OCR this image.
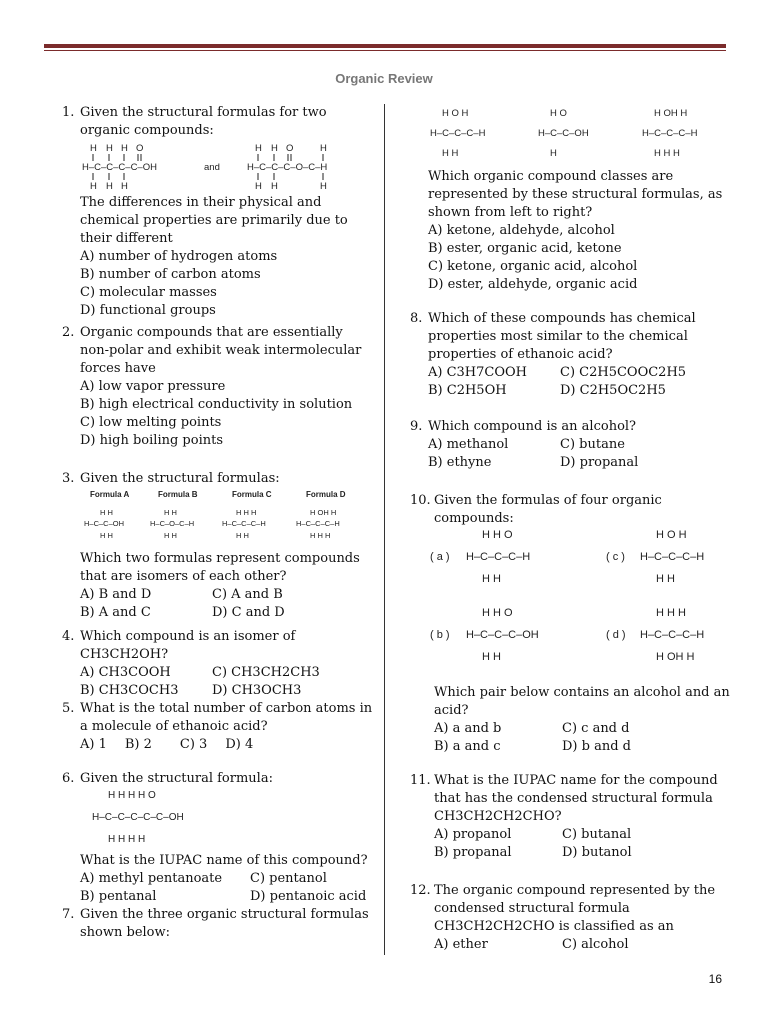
Organic Review
1. Given the structural formulas for two organic compounds:
H H H O
H–C–C–C–C–OH
H H H
and
H H O	H
H–C–C–C–O–C–H
H H	H
The differences in their physical and chemical properties are primarily due to their different
A) number of hydrogen atoms
B) number of carbon atoms
C) molecular masses
D) functional groups
2. Organic compounds that are essentially non-polar and exhibit weak intermolecular forces have
A) low vapor pressure
B) high electrical conductivity in solution
C) low melting points
D) high boiling points
3. Given the structural formulas:
Formula A	Formula B	Formula C	Formula D
H H
H–C–C–OH
H H
H H
H–C–O–C–H
H H
H H H
H–C–C–C–H
H H
H OH H
H–C–C–C–H
H H H
Which two formulas represent compounds that are isomers of each other?
A) B and D	C) A and B
B) A and C	D) C and D
4. Which compound is an isomer of CH3CH2OH?
A) CH3COOH	C) CH3CH2CH3
B) CH3COCH3	D) CH3OCH3
5. What is the total number of carbon atoms in a molecule of ethanoic acid?
A) 1 B) 2 C) 3 D) 4
6. Given the structural formula:
H H H H O
H–C–C–C–C–C–OH
H H H H
What is the IUPAC name of this compound?
A) methyl pentanoate	C) pentanol
B) pentanal	D) pentanoic acid
7. Given the three organic structural formulas shown below:
H O H
H–C–C–C–H
H H
H O
H–C–C–OH
H
H OH H
H–C–C–C–H
H H H
Which organic compound classes are represented by these structural formulas, as shown from left to right?
A) ketone, aldehyde, alcohol
B) ester, organic acid, ketone
C) ketone, organic acid, alcohol
D) ester, aldehyde, organic acid
8. Which of these compounds has chemical properties most similar to the chemical properties of ethanoic acid?
A) C3H7COOH	C) C2H5COOC2H5
B) C2H5OH	D) C2H5OC2H5
9. Which compound is an alcohol?
A) methanol	C) butane
B) ethyne	D) propanal
10. Given the formulas of four organic compounds:
( a )
H H O
H–C–C–C–H
H H
( c )
H O H
H–C–C–C–H
H H
( b )
H H O
H–C–C–C–OH
H H
( d )
H H H
H–C–C–C–H
H OH H
Which pair below contains an alcohol and an acid?
A) a and b	C) c and d
B) a and c	D) b and d
11. What is the IUPAC name for the compound that has the condensed structural formula CH3CH2CH2CHO?
A) propanol	C) butanal
B) propanal	D) butanol
12. The organic compound represented by the condensed structural formula CH3CH2CH2CHO is classified as an
A) ether	C) alcohol
16
